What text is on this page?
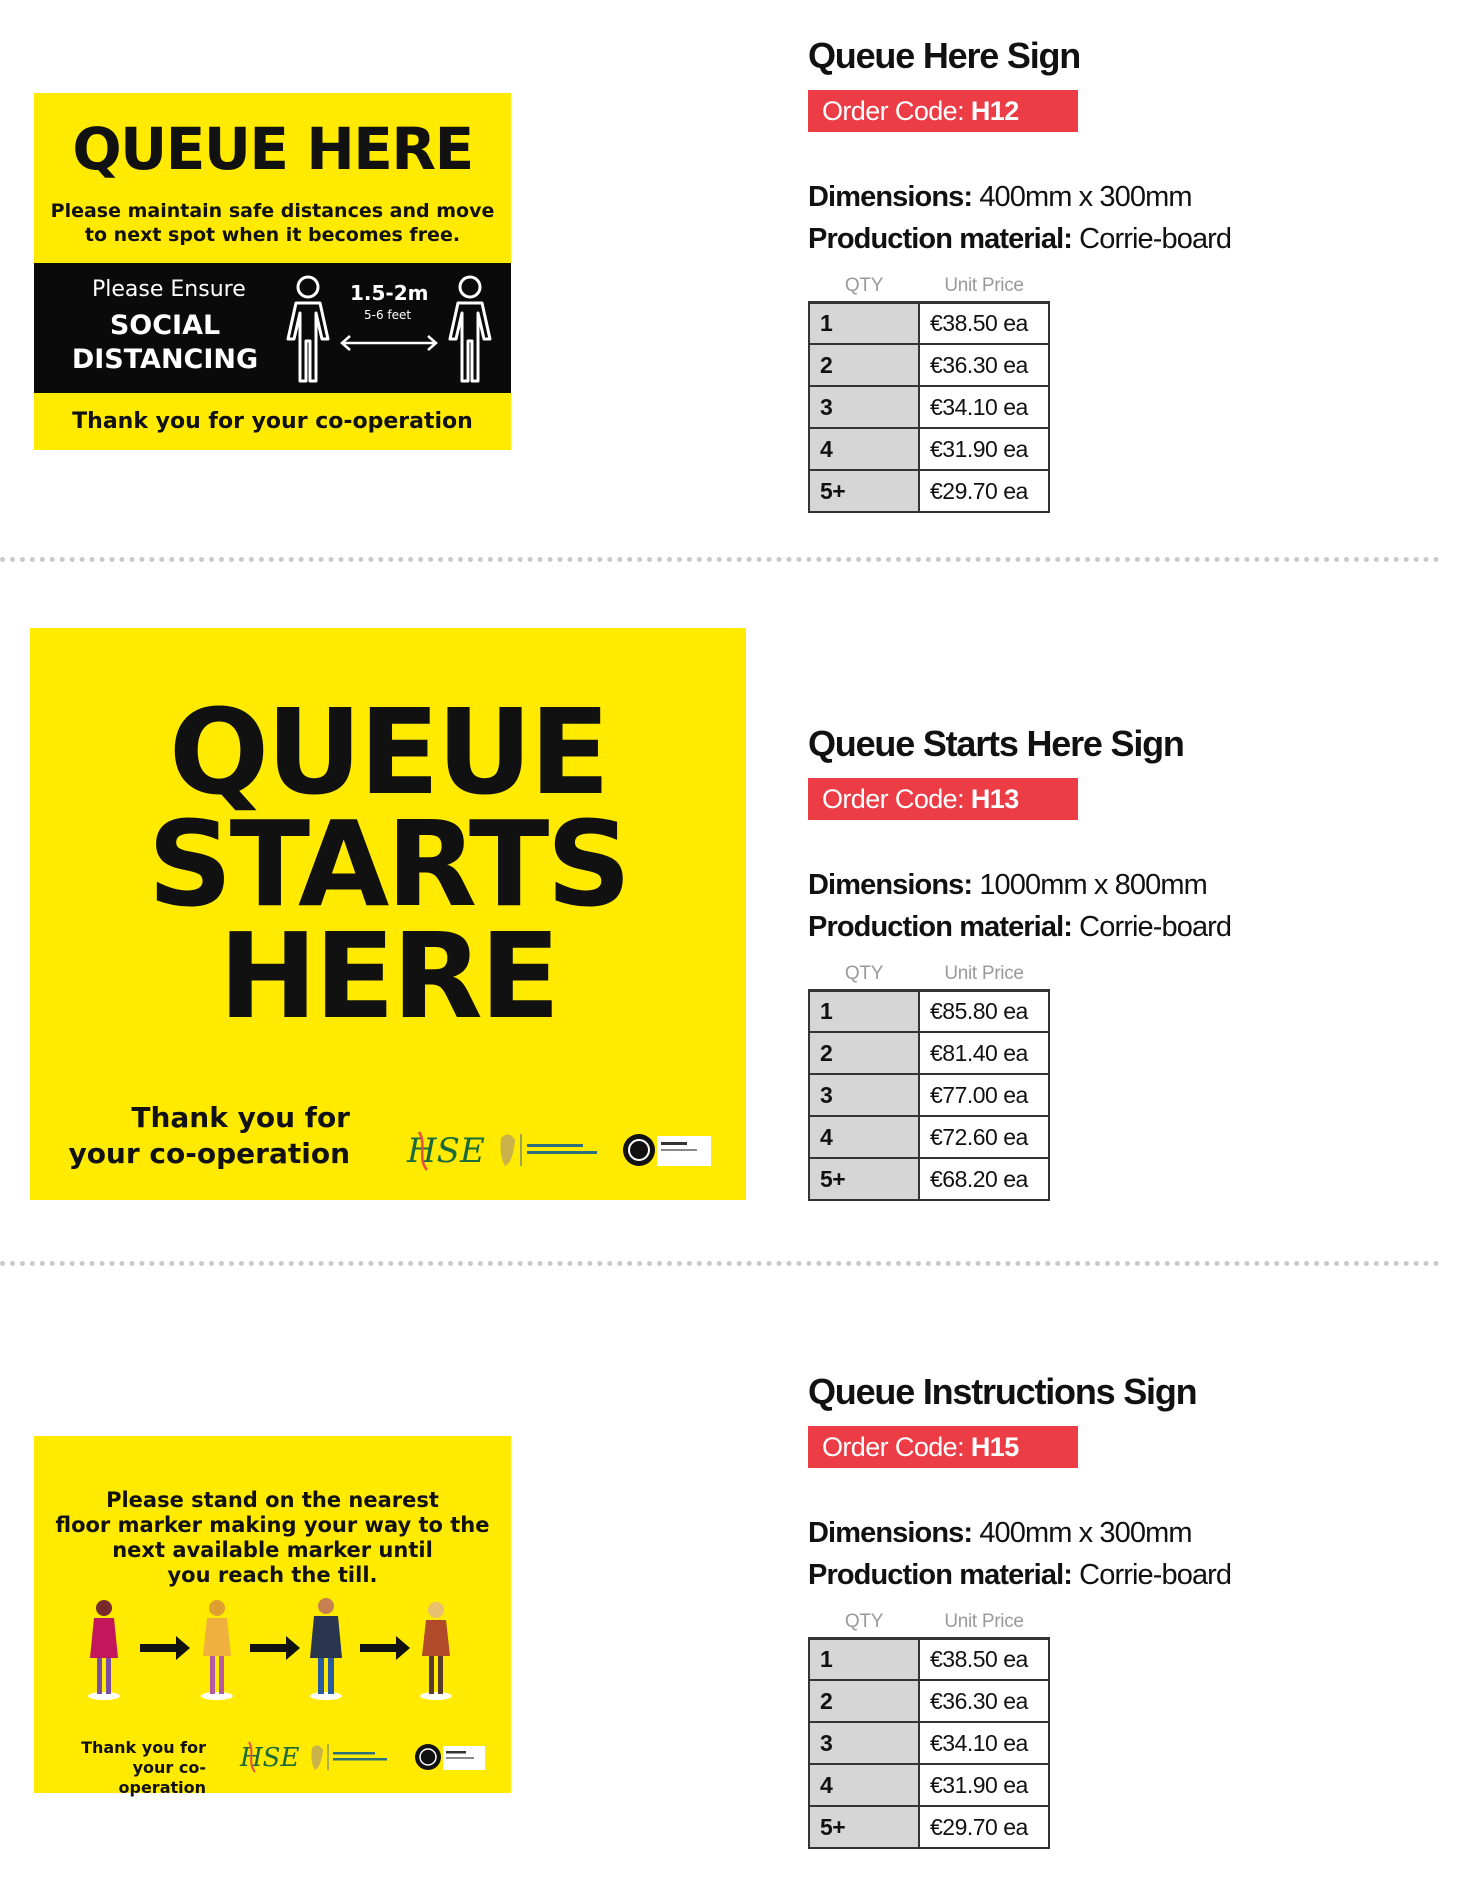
QUEUE HERE
Please maintain safe distances and move
to next spot when it becomes free.
Please Ensure
SOCIAL
DISTANCING
1.5-2m
5-6 feet
Thank you for your co-operation
Queue Here Sign
Order Code: H12
Dimensions: 400mm x 300mm
Production material: Corrie-board
QTY	Unit Price
1	€38.50 ea
2	€36.30 ea
3	€34.10 ea
4	€31.90 ea
5+	€29.70 ea
QUEUE
STARTS
HERE
Thank you for
your co-operation HSE
Queue Starts Here Sign
Order Code: H13
Dimensions: 1000mm x 800mm
Production material: Corrie-board
QTY	Unit Price
1	€85.80 ea
2	€81.40 ea
3	€77.00 ea
4	€72.60 ea
5+	€68.20 ea
Please stand on the nearest
floor marker making your way to the
next available marker until
you reach the till.
Thank you for
your co-operation
HSE
Queue Instructions Sign
Order Code: H15
Dimensions: 400mm x 300mm
Production material: Corrie-board
QTY	Unit Price
1	€38.50 ea
2	€36.30 ea
3	€34.10 ea
4	€31.90 ea
5+	€29.70 ea
